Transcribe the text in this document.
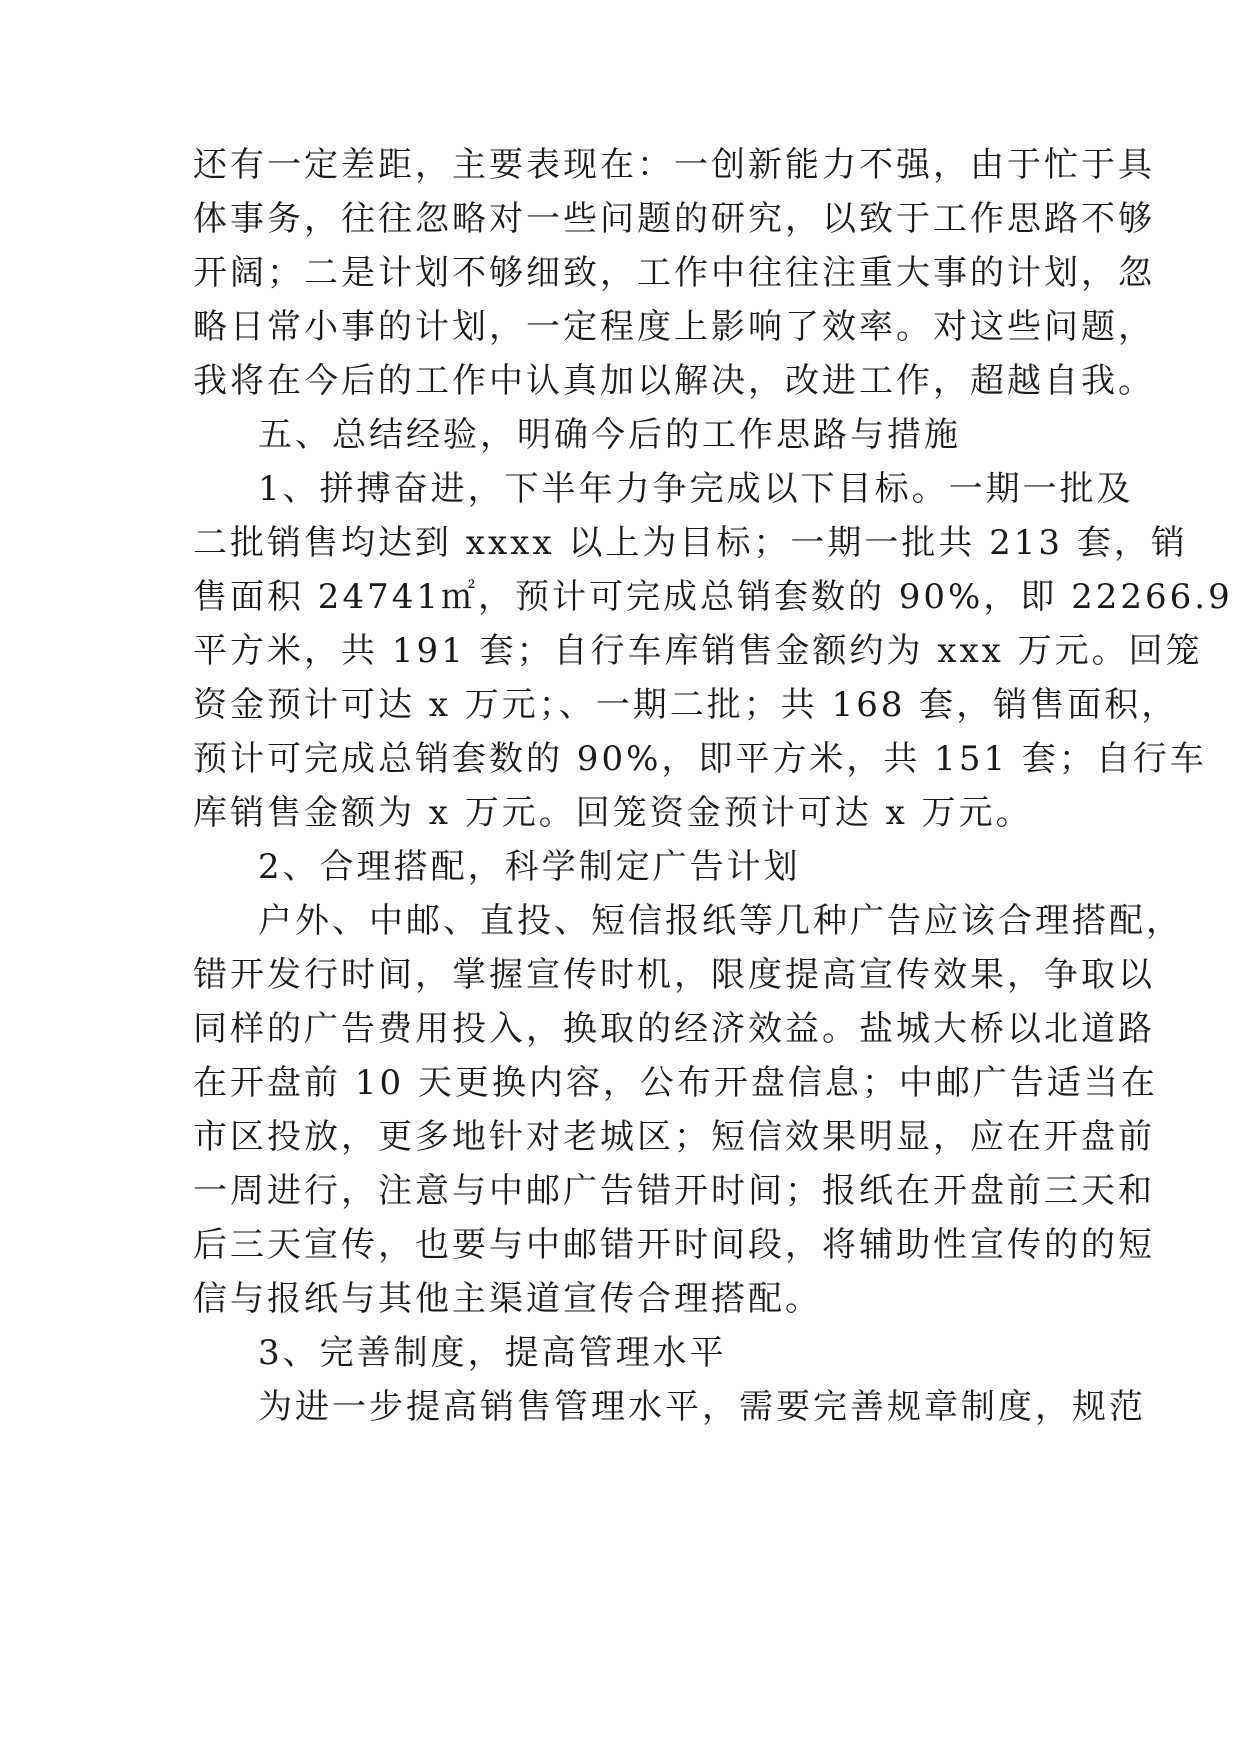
还有一定差距，主要表现在：一创新能力不强，由于忙于具
体事务，往往忽略对一些问题的研究，以致于工作思路不够
开阔；二是计划不够细致，工作中往往注重大事的计划，忽
略日常小事的计划，一定程度上影响了效率。对这些问题，
我将在今后的工作中认真加以解决，改进工作，超越自我。
五、总结经验，明确今后的工作思路与措施
1、拼搏奋进，下半年力争完成以下目标。一期一批及
二批销售均达到 xxxx 以上为目标；一期一批共 213 套，销
售面积 24741㎡，预计可完成总销套数的 90%，即 22266.9
平方米，共 191 套；自行车库销售金额约为 xxx 万元。回笼
资金预计可达 x 万元；、一期二批；共 168 套，销售面积，
预计可完成总销套数的 90%，即平方米，共 151 套；自行车
库销售金额为 x 万元。回笼资金预计可达 x 万元。
2、合理搭配，科学制定广告计划
户外、中邮、直投、短信报纸等几种广告应该合理搭配，
错开发行时间，掌握宣传时机，限度提高宣传效果，争取以
同样的广告费用投入，换取的经济效益。盐城大桥以北道路
在开盘前 10 天更换内容，公布开盘信息；中邮广告适当在
市区投放，更多地针对老城区；短信效果明显，应在开盘前
一周进行，注意与中邮广告错开时间；报纸在开盘前三天和
后三天宣传，也要与中邮错开时间段，将辅助性宣传的的短
信与报纸与其他主渠道宣传合理搭配。
3、完善制度，提高管理水平
为进一步提高销售管理水平，需要完善规章制度，规范
